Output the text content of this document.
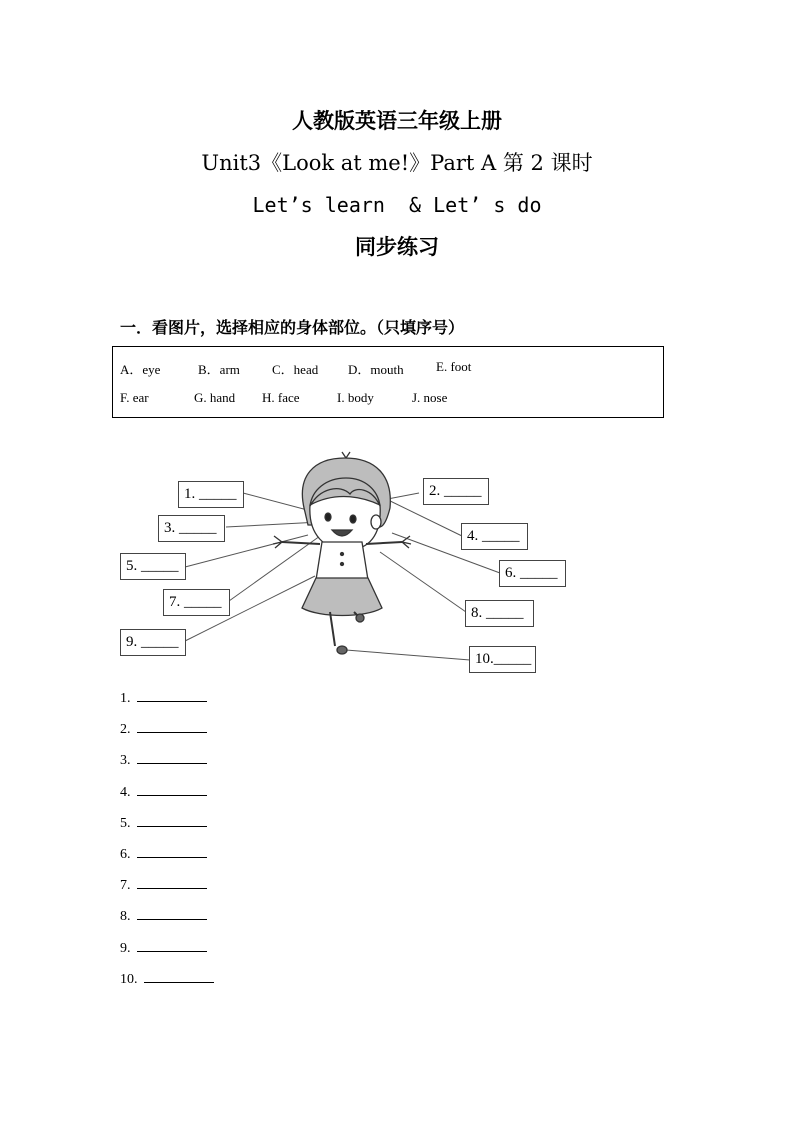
人教版英语三年级上册
Unit3《Look at me!》Part A 第 2 课时
Let’s learn  & Let’ s do
同步练习
一．看图片，选择相应的身体部位。（只填序号）
A．eye	B．arm C．head D．mouth E. foot
F. ear	G. hand H. face	I. body	J. nose
1. _____	2. _____
3. _____	4. _____
5. _____	6. _____
7. _____
8. _____
9. _____
10._____
1.
2.
3.
4.
5.
6.
7.
8.
9.
10.
